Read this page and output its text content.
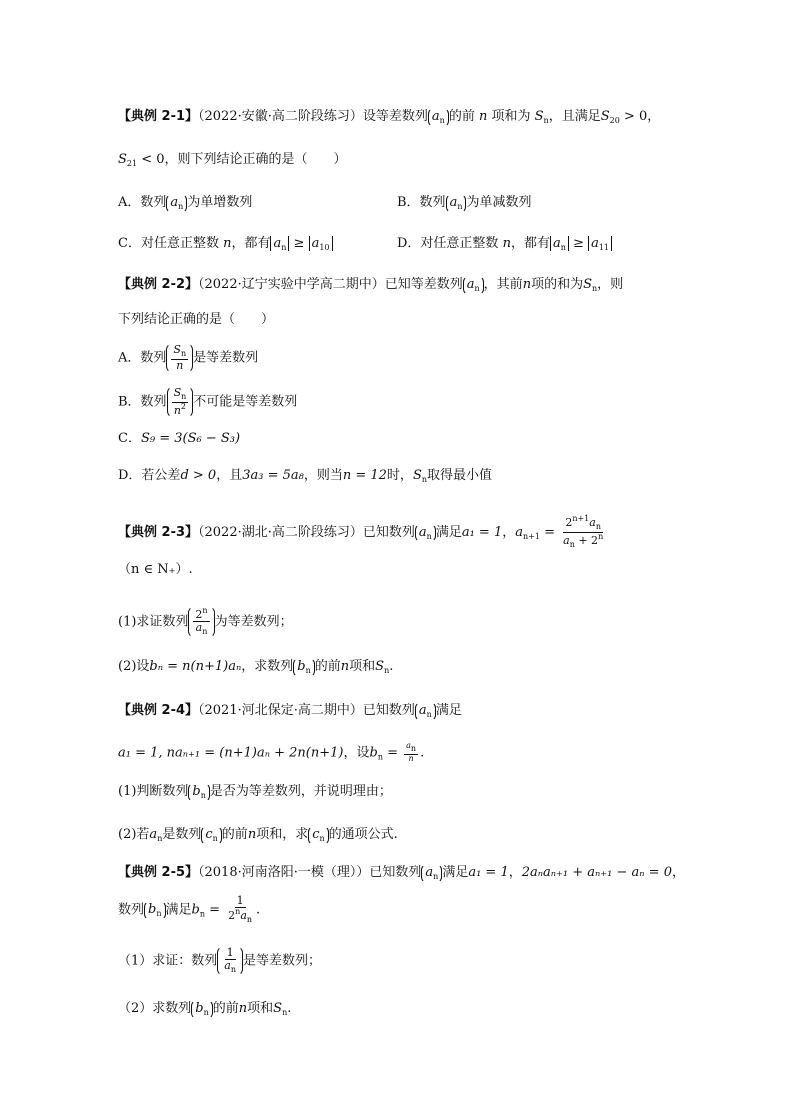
【典例 2-1】（2022·安徽·高二阶段练习）设等差数列 $a_n$ 的前 n 项和为 $S_n$，且满足$S_{20} > 0$，
$S_{21} < 0$，则下列结论正确的是（　　）
A．数列 $a_n$ 为单增数列	B．数列 $a_n$ 为单减数列
C．对任意正整数 n，都有 $a_n \ge a_{10}$	D．对任意正整数 n，都有 $a_n \ge a_{11}$
【典例 2-2】（2022·辽宁实验中学高二期中）已知等差数列 $a_n$ ，其前n项的和为$S_n$，则
下列结论正确的是（　　）
A．数列 $\frac{S_n}{n}$ 是等差数列
B．数列 $\frac{S_n}{n^2}$ 不可能是等差数列
C．S₉ = 3(S₆ − S₃)
D．若公差d > 0，且3a₃ = 5a₈，则当n = 12时，$S_n$取得最小值
【典例 2-3】（2022·湖北·高二阶段练习）已知数列 $a_n$ 满足a₁ = 1，$a_{n+1} = \frac{2^{n+1}a_n}{a_n + 2^n}$
（n ∈ N₊）.
(1)求证数列 $\frac{2^n}{a_n}$ 为等差数列；
(2)设bₙ = n(n+1)aₙ，求数列 $b_n$ 的前n项和$S_n$.
【典例 2-4】（2021·河北保定·高二期中）已知数列 $a_n$ 满足
a₁ = 1, naₙ₊₁ = (n+1)aₙ + 2n(n+1)，设$b_n = \frac{a_n}{n}$ .
(1)判断数列 $b_n$ 是否为等差数列，并说明理由；
(2)若$a_n$是数列 $c_n$ 的前n项和，求 $c_n$ 的通项公式.
【典例 2-5】（2018·河南洛阳·一模（理））已知数列 $a_n$ 满足a₁ = 1，2aₙaₙ₊₁ + aₙ₊₁ − aₙ = 0，
数列 $b_n$ 满足$b_n = \frac{1}{2^na_n}$ .
（1）求证：数列 $\frac{1}{a_n}$ 是等差数列；
（2）求数列 $b_n$ 的前n项和$S_n$.
